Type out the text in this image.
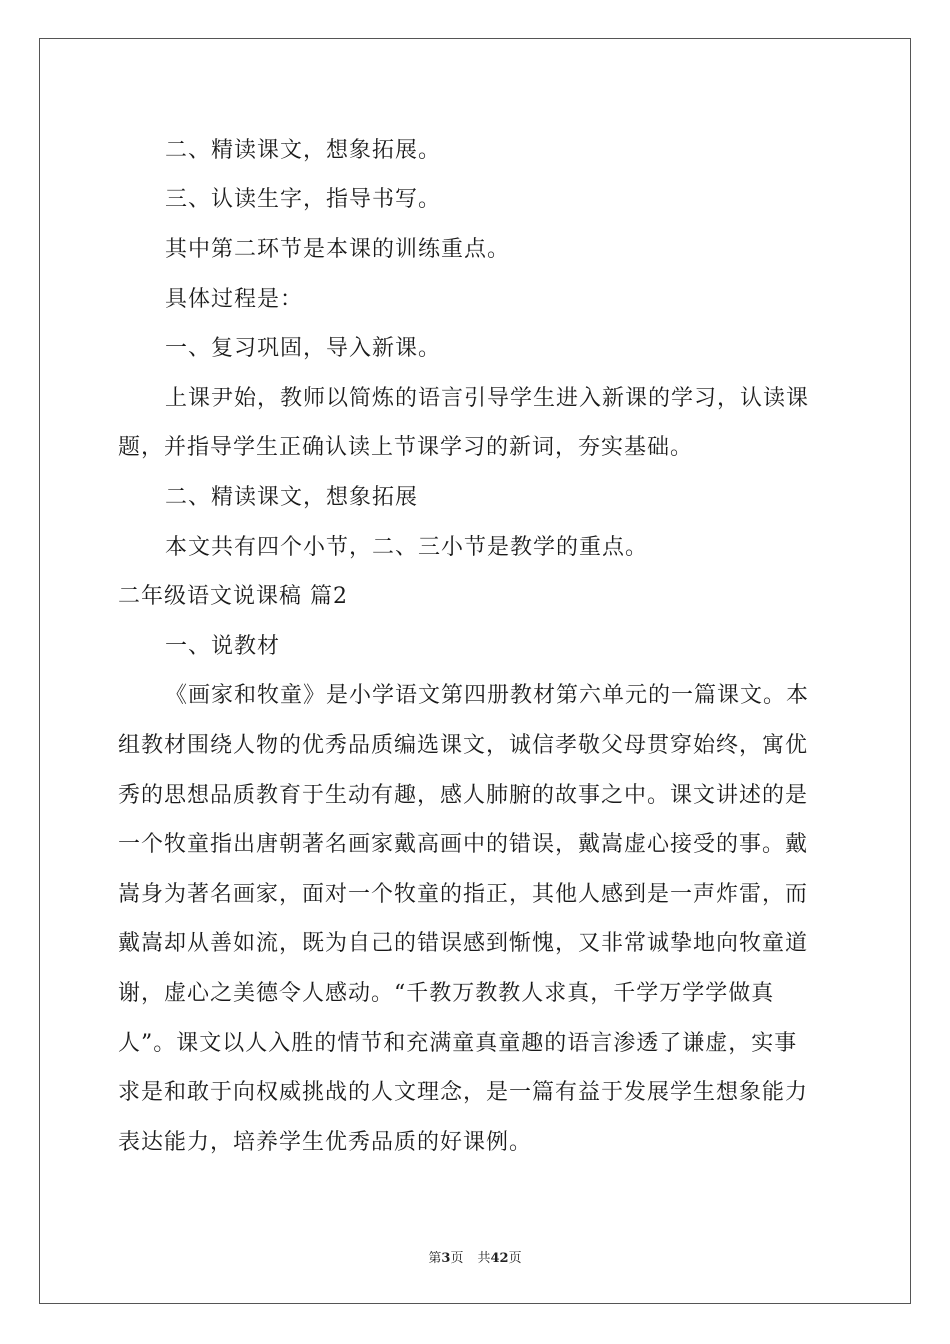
二、精读课文，想象拓展。

三、认读生字，指导书写。

其中第二环节是本课的训练重点。

具体过程是：

一、复习巩固，导入新课。

上课尹始，教师以简炼的语言引导学生进入新课的学习，认读课

题，并指导学生正确认读上节课学习的新词，夯实基础。

二、精读课文，想象拓展

本文共有四个小节，二、三小节是教学的重点。

二年级语文说课稿 篇2

一、说教材

《画家和牧童》是小学语文第四册教材第六单元的一篇课文。本

组教材围绕人物的优秀品质编选课文，诚信孝敬父母贯穿始终，寓优

秀的思想品质教育于生动有趣，感人肺腑的故事之中。课文讲述的是

一个牧童指出唐朝著名画家戴高画中的错误，戴嵩虚心接受的事。戴

嵩身为著名画家，面对一个牧童的指正，其他人感到是一声炸雷，而

戴嵩却从善如流，既为自己的错误感到惭愧，又非常诚挚地向牧童道

谢，虚心之美德令人感动。“千教万教教人求真，千学万学学做真

人”。课文以人入胜的情节和充满童真童趣的语言渗透了谦虚，实事

求是和敢于向权威挑战的人文理念，是一篇有益于发展学生想象能力

表达能力，培养学生优秀品质的好课例。

第3页 共42页
